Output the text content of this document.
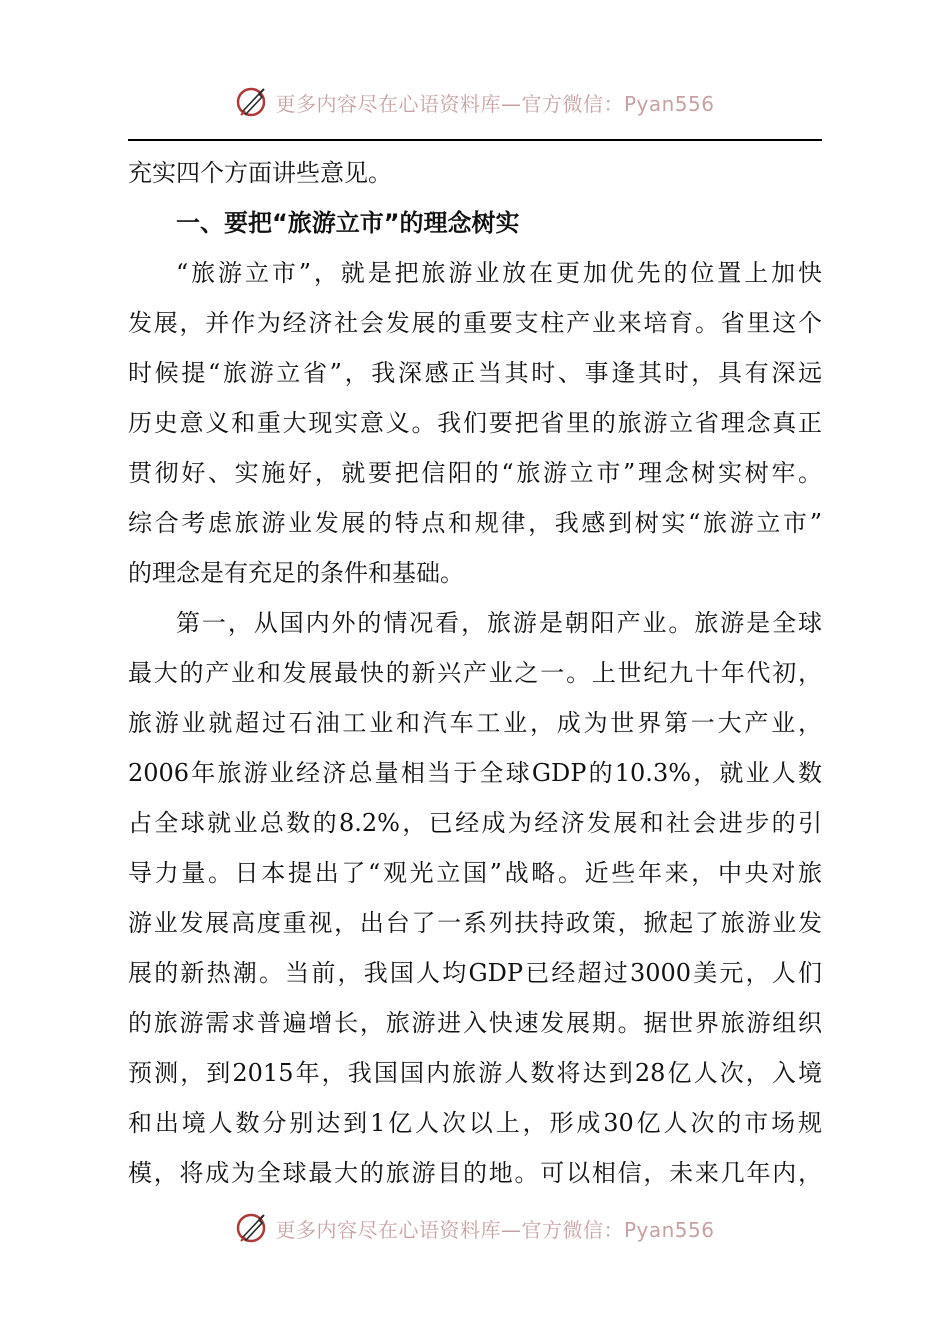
更多内容尽在心语资料库—官方微信：Pyan556
充实四个方面讲些意见。
一、要把“旅游立市”的理念树实
“旅游立市”，就是把旅游业放在更加优先的位置上加快
发展，并作为经济社会发展的重要支柱产业来培育。省里这个
时候提“旅游立省”，我深感正当其时、事逢其时，具有深远
历史意义和重大现实意义。我们要把省里的旅游立省理念真正
贯彻好、实施好，就要把信阳的“旅游立市”理念树实树牢。
综合考虑旅游业发展的特点和规律，我感到树实“旅游立市”
的理念是有充足的条件和基础。
第一，从国内外的情况看，旅游是朝阳产业。旅游是全球
最大的产业和发展最快的新兴产业之一。上世纪九十年代初，
旅游业就超过石油工业和汽车工业，成为世界第一大产业，
2006年旅游业经济总量相当于全球GDP的10.3%，就业人数
占全球就业总数的8.2%，已经成为经济发展和社会进步的引
导力量。日本提出了“观光立国”战略。近些年来，中央对旅
游业发展高度重视，出台了一系列扶持政策，掀起了旅游业发
展的新热潮。当前，我国人均GDP已经超过3000美元，人们
的旅游需求普遍增长，旅游进入快速发展期。据世界旅游组织
预测，到2015年，我国国内旅游人数将达到28亿人次，入境
和出境人数分别达到1亿人次以上，形成30亿人次的市场规
模，将成为全球最大的旅游目的地。可以相信，未来几年内，
更多内容尽在心语资料库—官方微信：Pyan556
